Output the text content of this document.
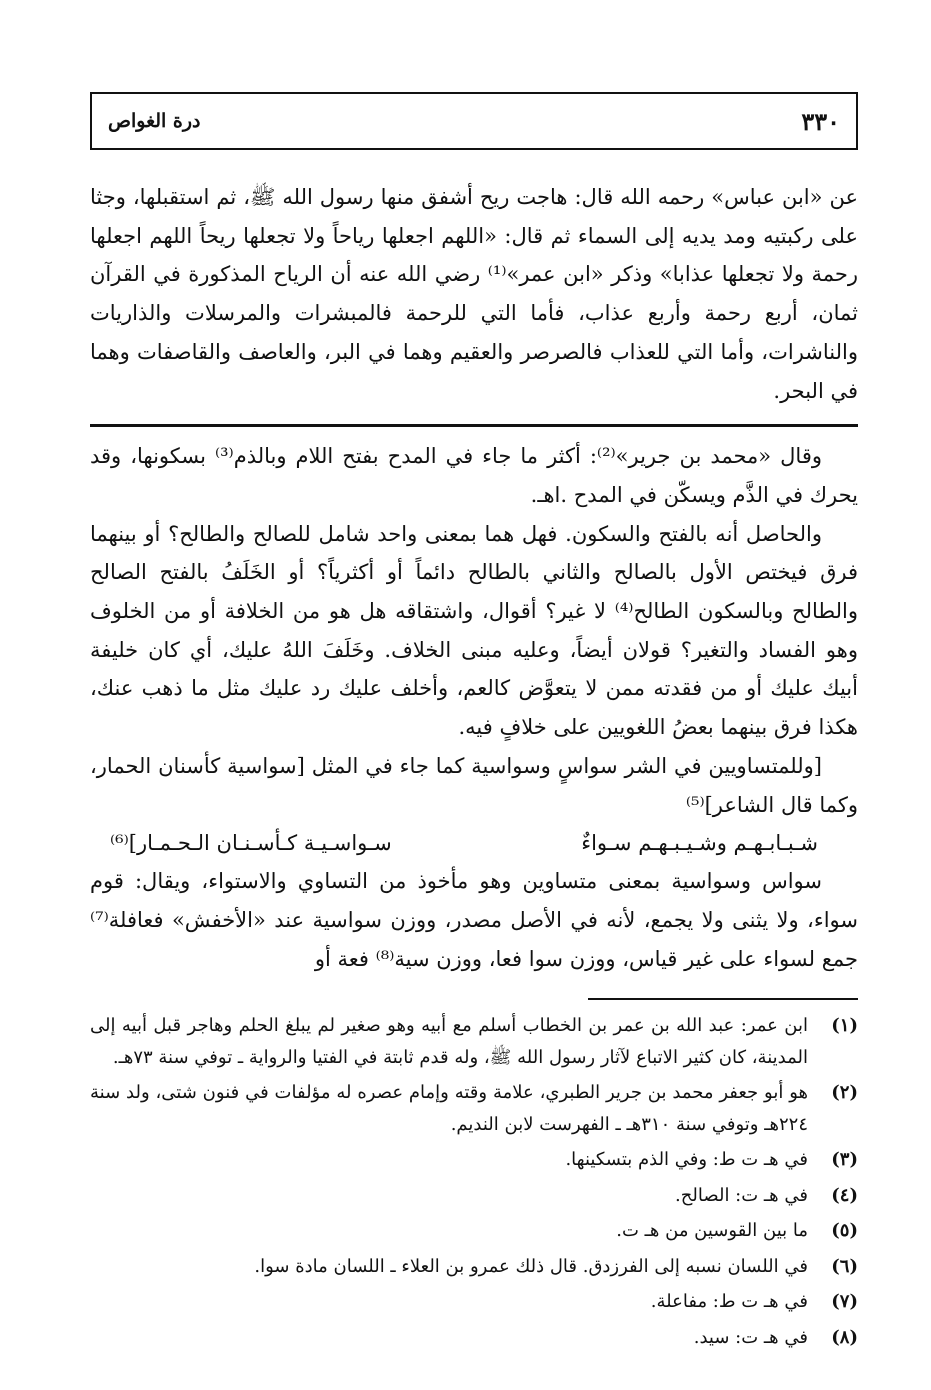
٣٣٠
درة الغواص

عن «ابن عباس» رحمه الله قال: هاجت ريح أشفق منها رسول الله ﷺ، ثم استقبلها، وجثا على ركبتيه ومد يديه إلى السماء ثم قال: «اللهم اجعلها رياحاً ولا تجعلها ريحاً اللهم اجعلها رحمة ولا تجعلها عذابا» وذكر «ابن عمر»⁽¹⁾ رضي الله عنه أن الرياح المذكورة في القرآن ثمان، أربع رحمة وأربع عذاب، فأما التي للرحمة فالمبشرات والمرسلات والذاريات والناشرات، وأما التي للعذاب فالصرصر والعقيم وهما في البر، والعاصف والقاصفات وهما في البحر.

وقال «محمد بن جرير»⁽²⁾: أكثر ما جاء في المدح بفتح اللام وبالذم⁽³⁾ بسكونها، وقد يحرك في الذَّم ويسكّن في المدح .اهـ.

والحاصل أنه بالفتح والسكون. فهل هما بمعنى واحد شامل للصالح والطالح؟ أو بينهما فرق فيختص الأول بالصالح والثاني بالطالح دائماً أو أكثرياً؟ أو الخَلَفُ بالفتح الصالح والطالح وبالسكون الطالح⁽⁴⁾ لا غير؟ أقوال، واشتقاقه هل هو من الخلافة أو من الخلوف وهو الفساد والتغير؟ قولان أيضاً، وعليه مبنى الخلاف. وخَلَفَ اللهُ عليك، أي كان خليفة أبيك عليك أو من فقدته ممن لا يتعوَّض كالعم، وأخلف عليك رد عليك مثل ما ذهب عنك، هكذا فرق بينهما بعضُ اللغويين على خلافٍ فيه.

[وللمتساويين في الشر سواسٍ وسواسية كما جاء في المثل [سواسية كأسنان الحمار، وكما قال الشاعر]⁽⁵⁾

شـبـابـهـم وشـيـبـهـم سـواءٌ
سـواسـيـة كـأسـنـان الـحـمـار]⁽⁶⁾

سواس وسواسية بمعنى متساوين وهو مأخوذ من التساوي والاستواء، ويقال: قوم سواء، ولا يثنى ولا يجمع، لأنه في الأصل مصدر، ووزن سواسية عند «الأخفش» فعافلة⁽⁷⁾ جمع لسواء على غير قياس، ووزن سوا فعا، ووزن سية⁽⁸⁾ فعة أو

(١)
ابن عمر: عبد الله بن عمر بن الخطاب أسلم مع أبيه وهو صغير لم يبلغ الحلم وهاجر قبل أبيه إلى المدينة، كان كثير الاتباع لآثار رسول الله ﷺ، وله قدم ثابتة في الفتيا والرواية ـ توفي سنة ٧٣هـ.
(٢)
هو أبو جعفر محمد بن جرير الطبري، علامة وقته وإمام عصره له مؤلفات في فنون شتى، ولد سنة ٢٢٤هـ وتوفي سنة ٣١٠هـ ـ الفهرست لابن النديم.
(٣)
في هـ ت ط: وفي الذم بتسكينها.
(٤)
في هـ ت: الصالح.
(٥)
ما بين القوسين من هـ ت.
(٦)
في اللسان نسبه إلى الفرزدق. قال ذلك عمرو بن العلاء ـ اللسان مادة سوا.
(٧)
في هـ ت ط: مفاعلة.
(٨)
في هـ ت: سيد.
